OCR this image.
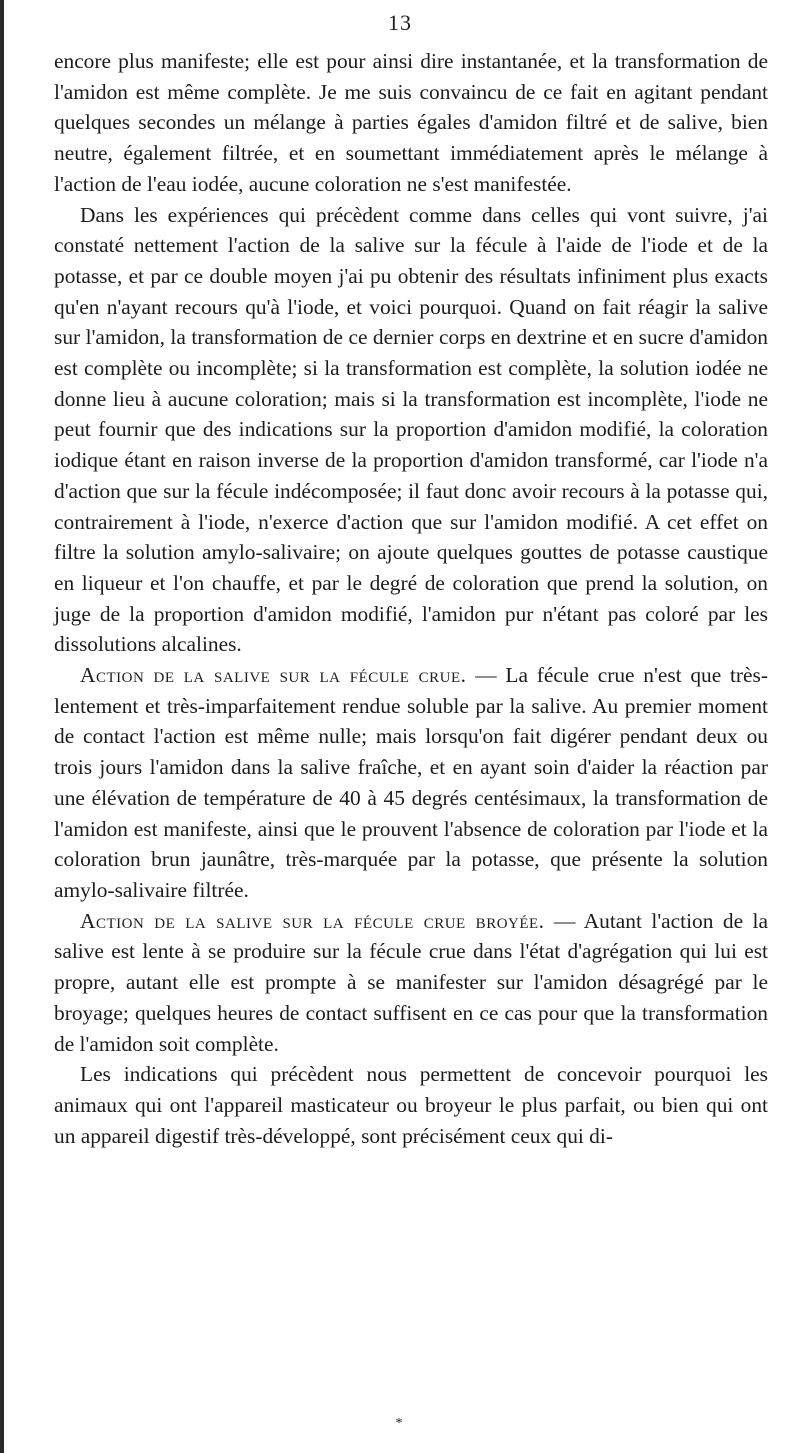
13

encore plus manifeste; elle est pour ainsi dire instantanée, et la transformation de l'amidon est même complète. Je me suis convaincu de ce fait en agitant pendant quelques secondes un mélange à parties égales d'amidon filtré et de salive, bien neutre, également filtrée, et en soumettant immédiatement après le mélange à l'action de l'eau iodée, aucune coloration ne s'est manifestée.

Dans les expériences qui précèdent comme dans celles qui vont suivre, j'ai constaté nettement l'action de la salive sur la fécule à l'aide de l'iode et de la potasse, et par ce double moyen j'ai pu obtenir des résultats infiniment plus exacts qu'en n'ayant recours qu'à l'iode, et voici pourquoi. Quand on fait réagir la salive sur l'amidon, la transformation de ce dernier corps en dextrine et en sucre d'amidon est complète ou incomplète; si la transformation est complète, la solution iodée ne donne lieu à aucune coloration; mais si la transformation est incomplète, l'iode ne peut fournir que des indications sur la proportion d'amidon modifié, la coloration iodique étant en raison inverse de la proportion d'amidon transformé, car l'iode n'a d'action que sur la fécule indécomposée; il faut donc avoir recours à la potasse qui, contrairement à l'iode, n'exerce d'action que sur l'amidon modifié. A cet effet on filtre la solution amylo-salivaire; on ajoute quelques gouttes de potasse caustique en liqueur et l'on chauffe, et par le degré de coloration que prend la solution, on juge de la proportion d'amidon modifié, l'amidon pur n'étant pas coloré par les dissolutions alcalines.

Action de la salive sur la fécule crue. — La fécule crue n'est que très-lentement et très-imparfaitement rendue soluble par la salive. Au premier moment de contact l'action est même nulle; mais lorsqu'on fait digérer pendant deux ou trois jours l'amidon dans la salive fraîche, et en ayant soin d'aider la réaction par une élévation de température de 40 à 45 degrés centésimaux, la transformation de l'amidon est manifeste, ainsi que le prouvent l'absence de coloration par l'iode et la coloration brun jaunâtre, très-marquée par la potasse, que présente la solution amylo-salivaire filtrée.

Action de la salive sur la fécule crue broyée. — Autant l'action de la salive est lente à se produire sur la fécule crue dans l'état d'agrégation qui lui est propre, autant elle est prompte à se manifester sur l'amidon désagrégé par le broyage; quelques heures de contact suffisent en ce cas pour que la transformation de l'amidon soit complète.

Les indications qui précèdent nous permettent de concevoir pourquoi les animaux qui ont l'appareil masticateur ou broyeur le plus parfait, ou bien qui ont un appareil digestif très-développé, sont précisément ceux qui di-

*
